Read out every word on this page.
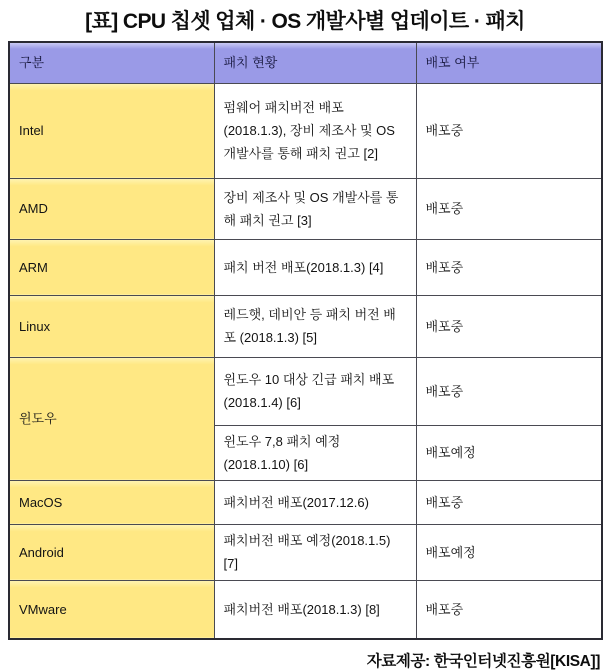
[표] CPU 칩셋 업체 · OS 개발사별 업데이트 · 패치
구분	패치 현황	배포 여부
Intel	펌웨어 패치버전 배포(2018.1.3), 장비 제조사 및 OS 개발사를 통해 패치 권고 [2]	배포중
AMD	장비 제조사 및 OS 개발사를 통해 패치 권고 [3]	배포중
ARM	패치 버전 배포(2018.1.3) [4]	배포중
Linux	레드햇, 데비안 등 패치 버전 배포 (2018.1.3) [5]	배포중
윈도우	윈도우 10 대상 긴급 패치 배포 (2018.1.4) [6]	배포중
	윈도우 7,8 패치 예정(2018.1.10) [6]	배포예정
MacOS	패치버전 배포(2017.12.6)	배포중
Android	패치버전 배포 예정(2018.1.5) [7]	배포예정
VMware	패치버전 배포(2018.1.3) [8]	배포중
자료제공: 한국인터넷진흥원[KISA]]
